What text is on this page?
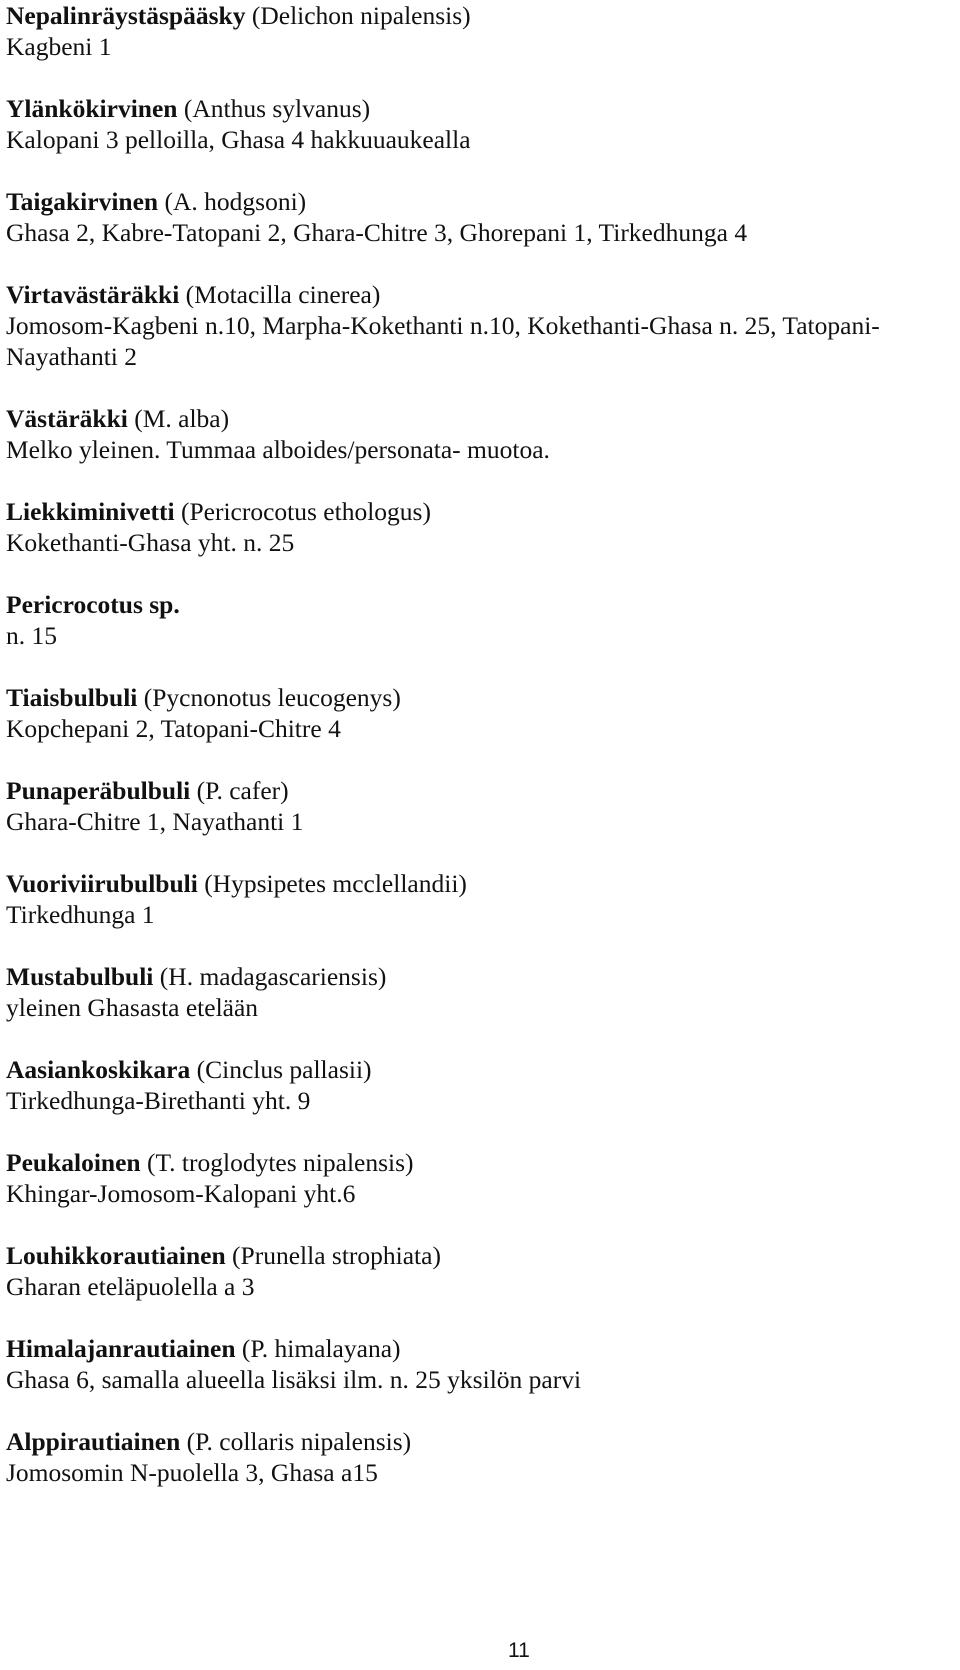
Nepalinräystäspääsky (Delichon nipalensis)

Kagbeni 1

Ylänkökirvinen (Anthus sylvanus)

Kalopani 3 pelloilla, Ghasa 4 hakkuuaukealla

Taigakirvinen (A. hodgsoni)

Ghasa 2, Kabre-Tatopani 2, Ghara-Chitre 3, Ghorepani 1, Tirkedhunga 4

Virtavästäräkki (Motacilla cinerea)

Jomosom-Kagbeni n.10, Marpha-Kokethanti n.10, Kokethanti-Ghasa n. 25, Tatopani-

Nayathanti 2

Västäräkki (M. alba)

Melko yleinen. Tummaa alboides/personata- muotoa.

Liekkiminivetti (Pericrocotus ethologus)

Kokethanti-Ghasa yht. n. 25

Pericrocotus sp.

n. 15

Tiaisbulbuli (Pycnonotus leucogenys)

Kopchepani 2, Tatopani-Chitre 4

Punaperäbulbuli (P. cafer)

Ghara-Chitre 1, Nayathanti 1

Vuoriviirubulbuli (Hypsipetes mcclellandii)

Tirkedhunga 1

Mustabulbuli (H. madagascariensis)

yleinen Ghasasta etelään

Aasiankoskikara (Cinclus pallasii)

Tirkedhunga-Birethanti yht. 9

Peukaloinen (T. troglodytes nipalensis)

Khingar-Jomosom-Kalopani yht.6

Louhikkorautiainen (Prunella strophiata)

Gharan eteläpuolella a 3

Himalajanrautiainen (P. himalayana)

Ghasa 6, samalla alueella lisäksi ilm. n. 25 yksilön parvi

Alppirautiainen (P. collaris nipalensis)

Jomosomin N-puolella 3, Ghasa a15

11
